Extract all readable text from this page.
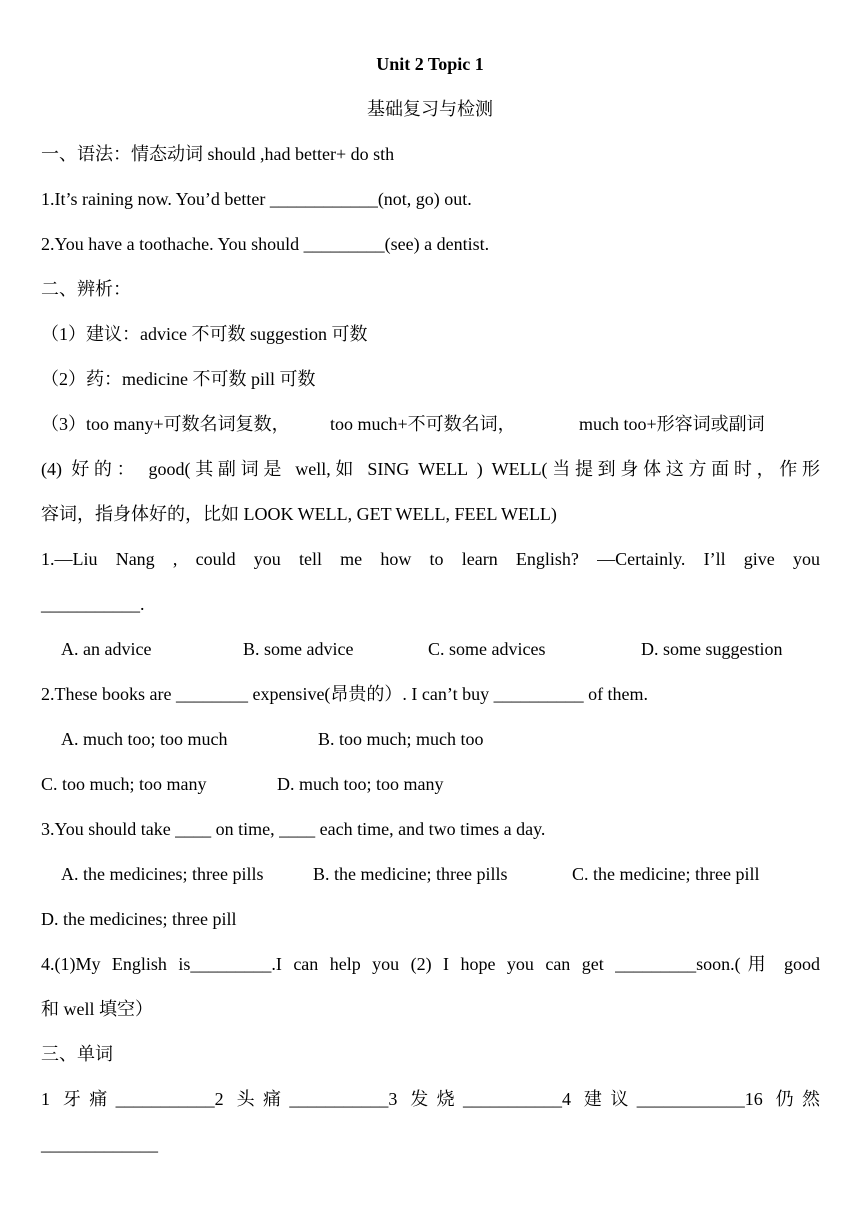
Unit 2 Topic 1
基础复习与检测
一、语法：情态动词 should ,had better+ do sth
1.It’s raining now. You’d better ____________(not, go) out.
2.You have a toothache. You should _________(see) a dentist.
二、辨析：
（1）建议：advice 不可数 suggestion 可数
（2）药：medicine 不可数 pill 可数
（3）too many+可数名词复数， too much+不可数名词，	much too+形容词或副词
(4) 好的： good(其副词是 well,如 SING WELL ) WELL(当提到身体这方面时，作形
容词，指身体好的，比如 LOOK WELL, GET WELL, FEEL WELL)
1.—Liu Nang , could you tell me how to learn English? —Certainly. I’ll give you
___________.
A. an advice	B. some advice	C. some advices	D. some suggestion
2.These books are ________ expensive(昂贵的）. I can’t buy __________ of them.
A. much too; too much	B. too much; much too
C. too much; too many	D. much too; too many
3.You should take ____ on time, ____ each time, and two times a day.
A. the medicines; three pills	B. the medicine; three pills	C. the medicine; three pill
D. the medicines; three pill
4.(1)My English is_________.I can help you (2) I hope you can get _________soon.(用 good
和 well 填空）
三、单词
1 牙痛___________2 头痛___________3 发烧___________4 建议____________16 仍然
_____________
